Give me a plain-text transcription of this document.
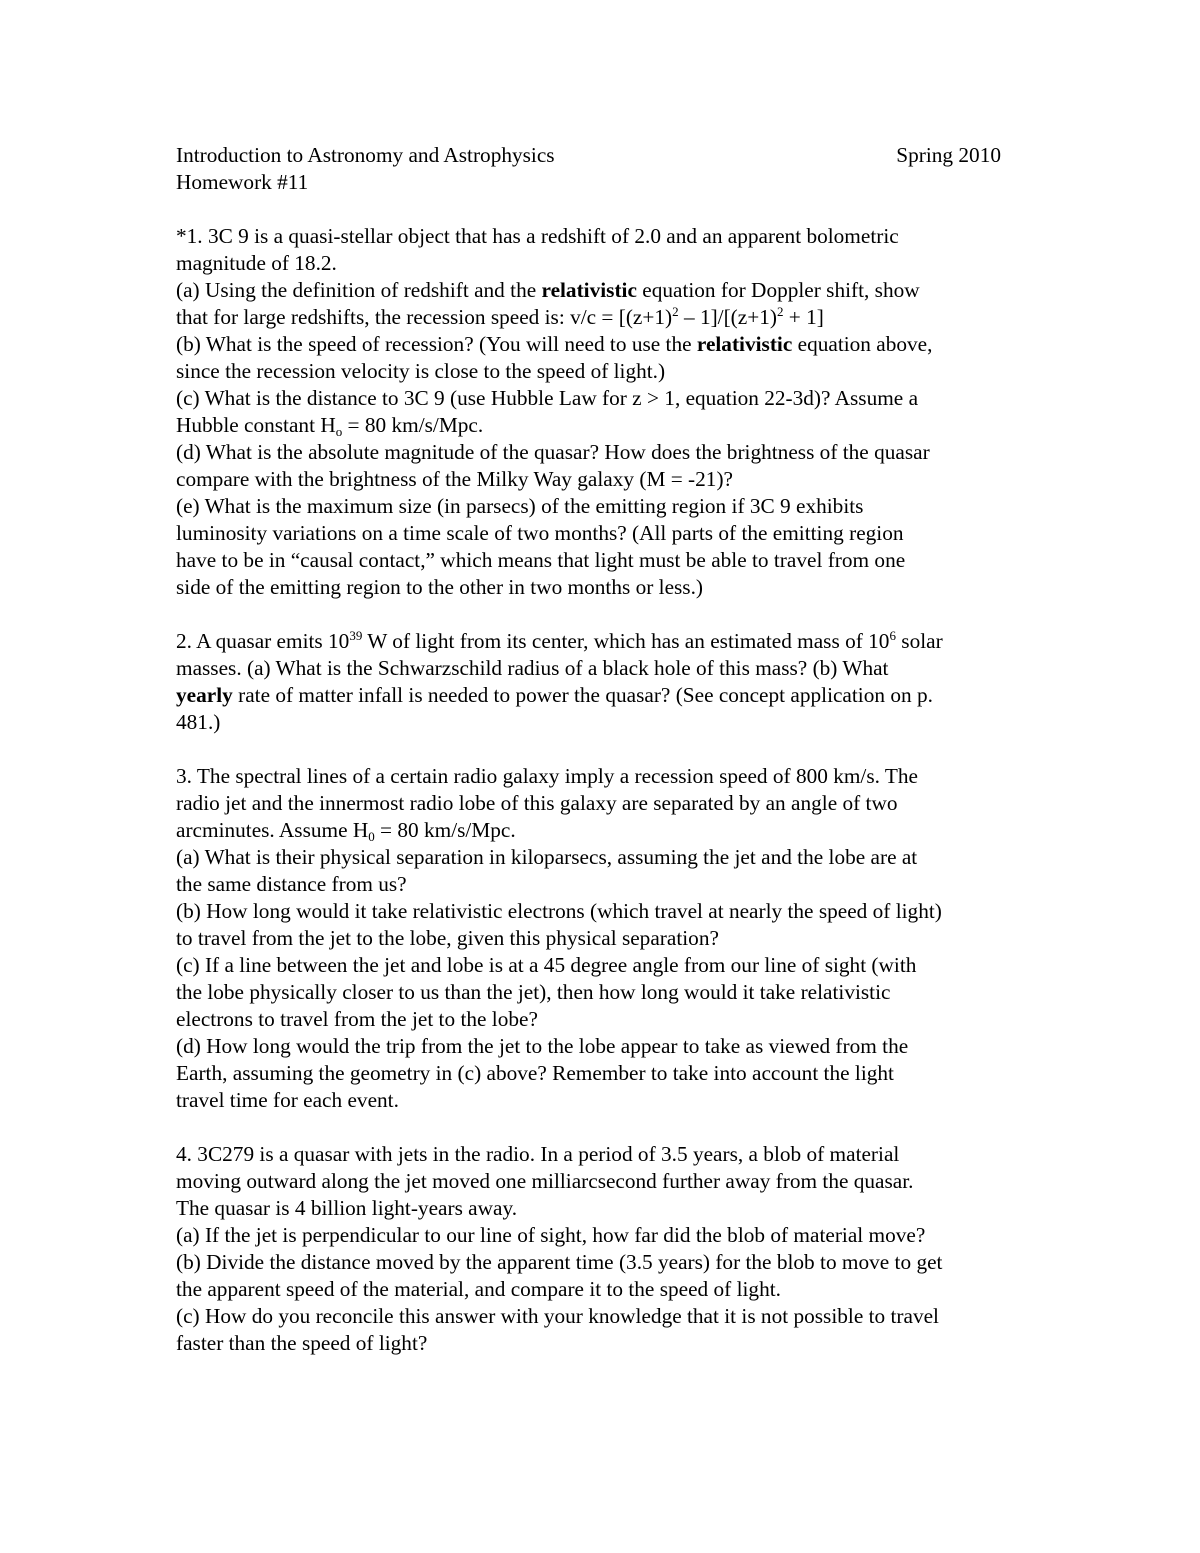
Introduction to Astronomy and Astrophysics	Spring 2010
Homework #11
*1. 3C 9 is a quasi-stellar object that has a redshift of 2.0 and an apparent bolometric
magnitude of 18.2.
(a) Using the definition of redshift and the relativistic equation for Doppler shift, show
that for large redshifts, the recession speed is: $v/c = [(z+1)^2 - 1]/[(z+1)^2 + 1]$
(b) What is the speed of recession? (You will need to use the relativistic equation above,
since the recession velocity is close to the speed of light.)
(c) What is the distance to 3C 9 (use Hubble Law for z > 1, equation 22-3d)? Assume a
Hubble constant $H_o = 80$ km/s/Mpc.
(d) What is the absolute magnitude of the quasar? How does the brightness of the quasar
compare with the brightness of the Milky Way galaxy (M = -21)?
(e) What is the maximum size (in parsecs) of the emitting region if 3C 9 exhibits
luminosity variations on a time scale of two months? (All parts of the emitting region
have to be in “causal contact,” which means that light must be able to travel from one
side of the emitting region to the other in two months or less.)
2. A quasar emits $10^{39}$ W of light from its center, which has an estimated mass of $10^6$ solar
masses. (a) What is the Schwarzschild radius of a black hole of this mass? (b) What
yearly rate of matter infall is needed to power the quasar? (See concept application on p.
481.)
3. The spectral lines of a certain radio galaxy imply a recession speed of 800 km/s. The
radio jet and the innermost radio lobe of this galaxy are separated by an angle of two
arcminutes. Assume $H_0 = 80$ km/s/Mpc.
(a) What is their physical separation in kiloparsecs, assuming the jet and the lobe are at
the same distance from us?
(b) How long would it take relativistic electrons (which travel at nearly the speed of light)
to travel from the jet to the lobe, given this physical separation?
(c) If a line between the jet and lobe is at a 45 degree angle from our line of sight (with
the lobe physically closer to us than the jet), then how long would it take relativistic
electrons to travel from the jet to the lobe?
(d) How long would the trip from the jet to the lobe appear to take as viewed from the
Earth, assuming the geometry in (c) above? Remember to take into account the light
travel time for each event.
4. 3C279 is a quasar with jets in the radio. In a period of 3.5 years, a blob of material
moving outward along the jet moved one milliarcsecond further away from the quasar.
The quasar is 4 billion light-years away.
(a) If the jet is perpendicular to our line of sight, how far did the blob of material move?
(b) Divide the distance moved by the apparent time (3.5 years) for the blob to move to get
the apparent speed of the material, and compare it to the speed of light.
(c) How do you reconcile this answer with your knowledge that it is not possible to travel
faster than the speed of light?
